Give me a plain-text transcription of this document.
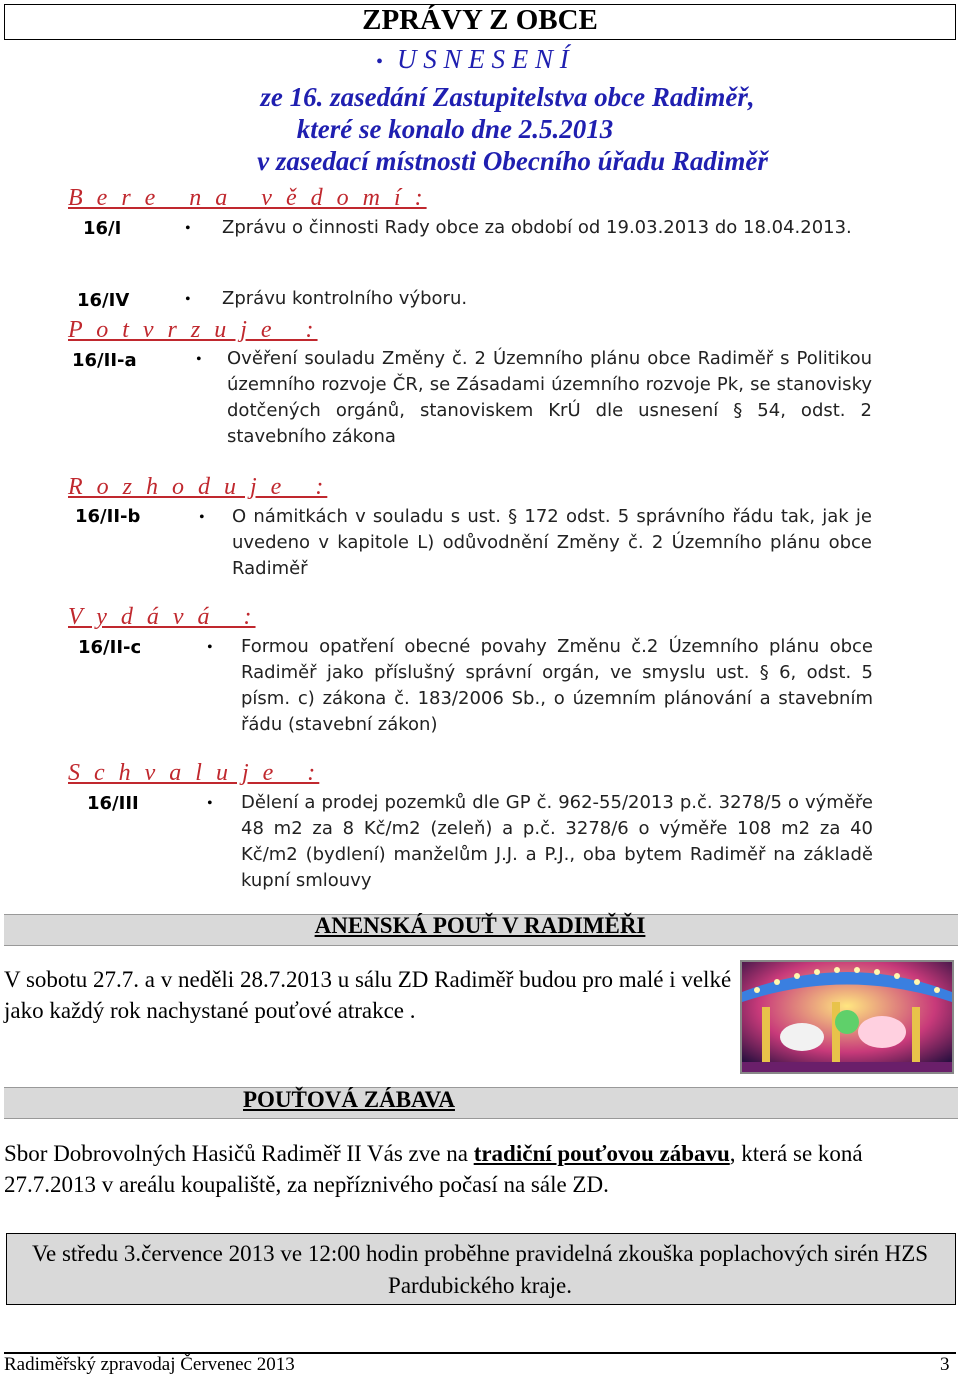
ZPRÁVY Z OBCE
• U S N E S E N Í
ze 16. zasedání Zastupitelstva obce Radiměř,
které se konalo dne 2.5.2013
v zasedací místnosti Obecního úřadu Radiměř
B e r e   n a   v ě d o m í :
16/I	• Zprávu o činnosti Rady obce za období od 19.03.2013 do 18.04.2013.
16/IV	• Zprávu kontrolního výboru.
P o t v r z u j e   :
16/II-a	• Ověření souladu Změny č. 2 Územního plánu obce Radiměř s Politikou územního rozvoje ČR, se Zásadami územního rozvoje Pk, se stanovisky dotčených orgánů, stanoviskem KrÚ dle usnesení § 54, odst. 2 stavebního zákona
R o z h o d u j e   :
16/II-b	• O námitkách v souladu s ust. § 172 odst. 5 správního řádu tak, jak je uvedeno v kapitole L) odůvodnění Změny č. 2 Územního plánu obce Radiměř
V y d á v á   :
16/II-c	• Formou opatření obecné povahy Změnu č.2 Územního plánu obce Radiměř jako příslušný správní orgán, ve smyslu ust. § 6, odst. 5 písm. c) zákona č. 183/2006 Sb., o územním plánování a stavebním řádu (stavební zákon)
S c h v a l u j e   :
16/III	• Dělení a prodej pozemků dle GP č. 962-55/2013 p.č. 3278/5 o výměře 48 m2 za 8 Kč/m2 (zeleň) a p.č. 3278/6 o výměře 108 m2 za 40 Kč/m2 (bydlení) manželům J.J. a P.J., oba bytem Radiměř na základě kupní smlouvy
ANENSKÁ POUŤ V RADIMĚŘI
V sobotu 27.7. a v neděli 28.7.2013 u sálu ZD Radiměř budou pro malé i velké jako každý rok nachystané pouťové atrakce .
POUŤOVÁ ZÁBAVA
Sbor Dobrovolných Hasičů Radiměř II Vás zve na tradiční pouťovou zábavu, která se koná 27.7.2013 v areálu koupaliště, za nepříznivého počasí na sále ZD.
Ve středu 3.července 2013 ve 12:00 hodin proběhne pravidelná zkouška poplachových sirén HZS Pardubického kraje.
Radiměřský zpravodaj Červenec 2013	3
